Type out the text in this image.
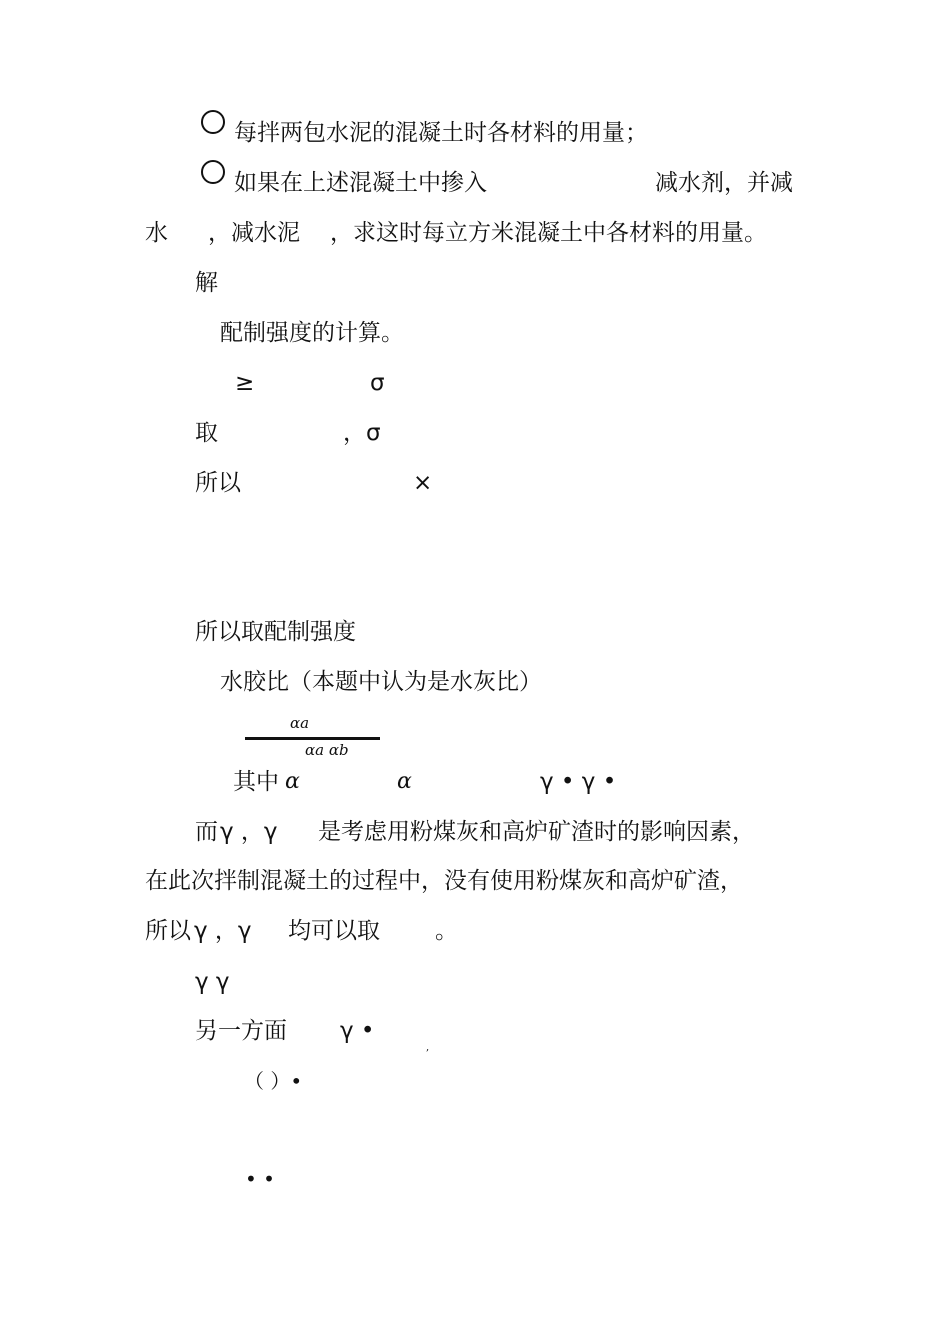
每拌两包水泥的混凝土时各材料的用量；
如果在上述混凝土中掺入	减水剂，并减
水 ，减水泥 ，求这时每立方米混凝土中各材料的用量。
解
配制强度的计算。
≥	σ
取	，σ
所以	×
所以取配制强度
水胶比（本题中认为是水灰比）
αa
αa αb
其中 α	α	γ • γ •
而 γ ，γ 是考虑用粉煤灰和高炉矿渣时的影响因素，
在此次拌制混凝土的过程中，没有使用粉煤灰和高炉矿渣，
所以 γ ，γ 均可以取 。
γ γ
另一方面 γ •
,
（ ）•
• •
